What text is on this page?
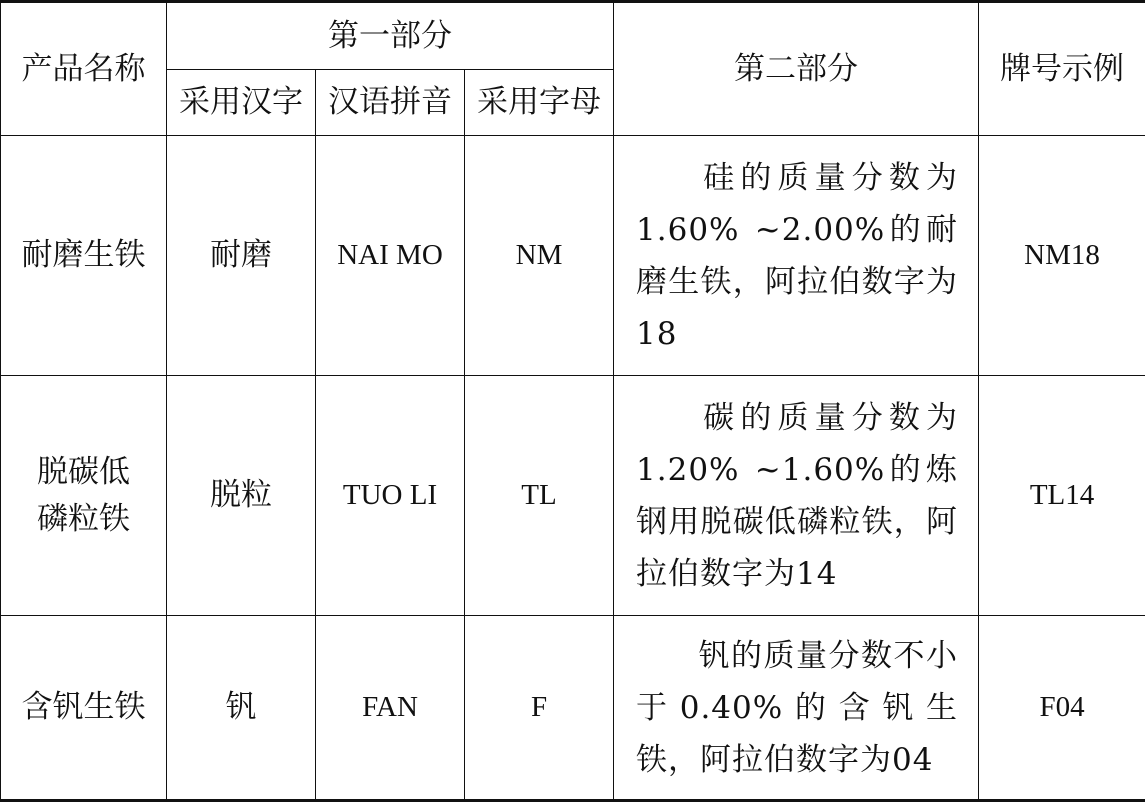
产品名称	第一部分			第二部分	牌号示例
	采用汉字	汉语拼音	采用字母		
耐磨生铁	耐磨	NAI MO	NM	硅的质量分数为1.60% ~2.00%的耐磨生铁，阿拉伯数字为18	NM18
脱碳低磷粒铁	脱粒	TUO LI	TL	碳的质量分数为1.20% ~1.60%的炼钢用脱碳低磷粒铁，阿拉伯数字为14	TL14
含钒生铁	钒	FAN	F	钒的质量分数不小于0.40%的含钒生铁，阿拉伯数字为04	F04
